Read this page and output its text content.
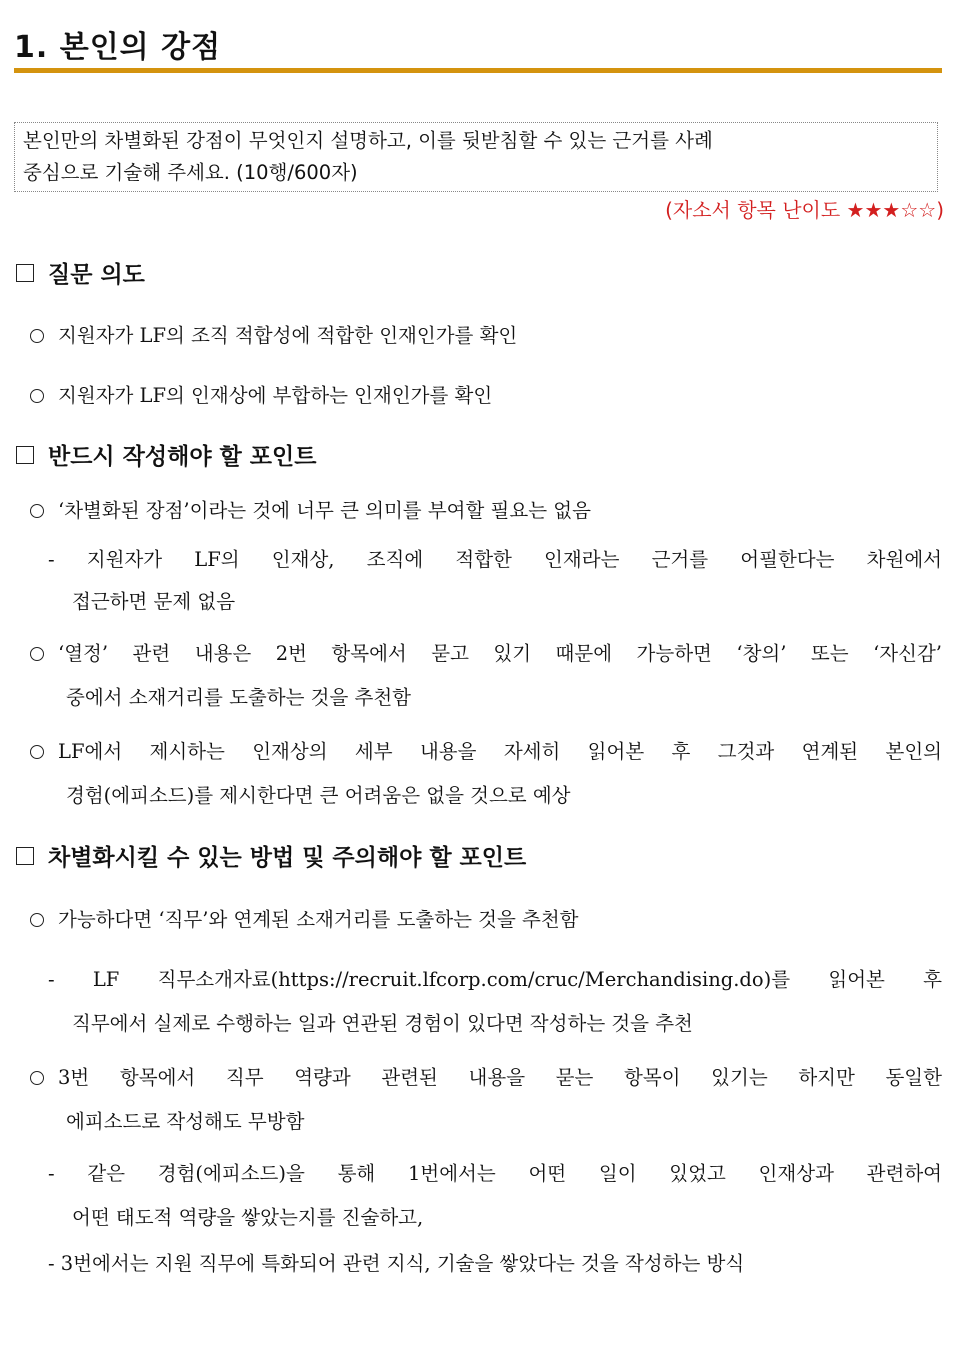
1. 본인의 강점
본인만의 차별화된 강점이 무엇인지 설명하고, 이를 뒷받침할 수 있는 근거를 사례
중심으로 기술해 주세요. (10행/600자)
(자소서 항목 난이도 ★★★☆☆)
질문 의도
지원자가 LF의 조직 적합성에 적합한 인재인가를 확인
지원자가 LF의 인재상에 부합하는 인재인가를 확인
반드시 작성해야 할 포인트
‘차별화된 장점’이라는 것에 너무 큰 의미를 부여할 필요는 없음
- 지원자가 LF의 인재상, 조직에 적합한 인재라는 근거를 어필한다는 차원에서
접근하면 문제 없음
‘열정’ 관련 내용은 2번 항목에서 묻고 있기 때문에 가능하면 ‘창의’ 또는 ‘자신감’
중에서 소재거리를 도출하는 것을 추천함
LF에서 제시하는 인재상의 세부 내용을 자세히 읽어본 후 그것과 연계된 본인의
경험(에피소드)를 제시한다면 큰 어려움은 없을 것으로 예상
차별화시킬 수 있는 방법 및 주의해야 할 포인트
가능하다면 ‘직무’와 연계된 소재거리를 도출하는 것을 추천함
- LF 직무소개자료(https://recruit.lfcorp.com/cruc/Merchandising.do)를 읽어본 후
직무에서 실제로 수행하는 일과 연관된 경험이 있다면 작성하는 것을 추천
3번 항목에서 직무 역량과 관련된 내용을 묻는 항목이 있기는 하지만 동일한
에피소드로 작성해도 무방함
- 같은 경험(에피소드)을 통해 1번에서는 어떤 일이 있었고 인재상과 관련하여
어떤 태도적 역량을 쌓았는지를 진술하고,
- 3번에서는 지원 직무에 특화되어 관련 지식, 기술을 쌓았다는 것을 작성하는 방식
